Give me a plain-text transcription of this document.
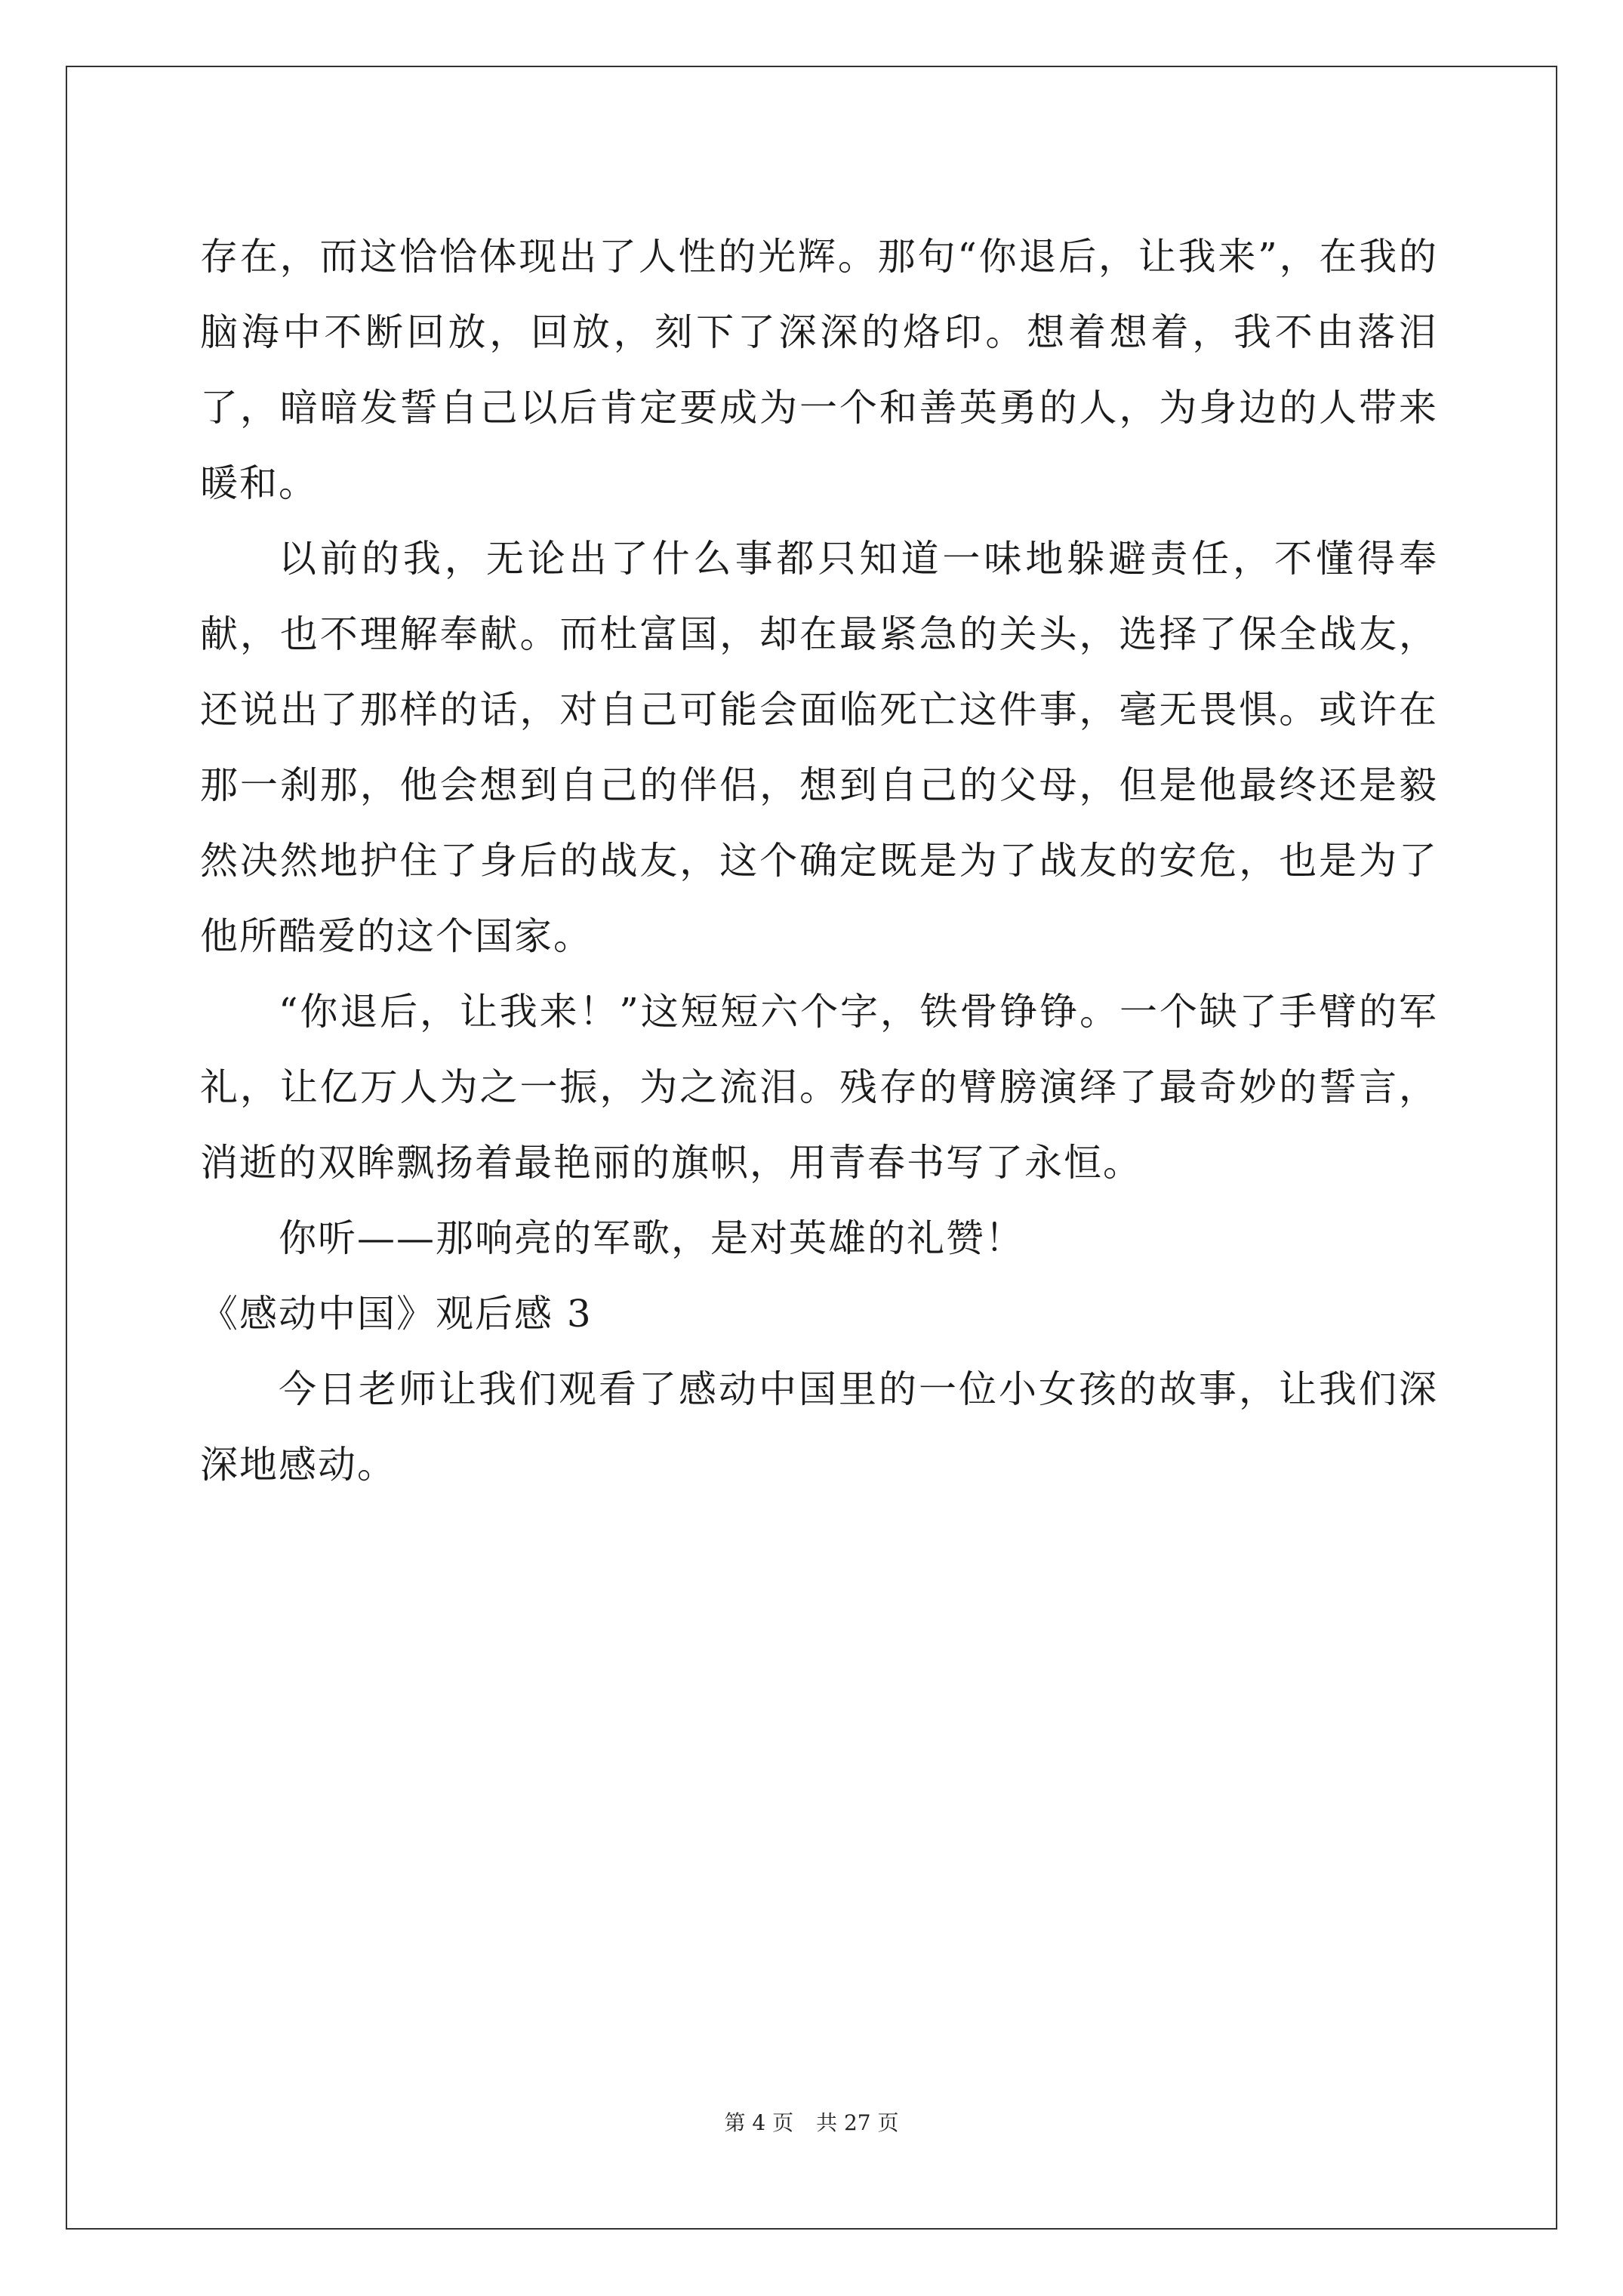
存在，而这恰恰体现出了人性的光辉。那句“你退后，让我来”，在我的脑海中不断回放，回放，刻下了深深的烙印。想着想着，我不由落泪了，暗暗发誓自己以后肯定要成为一个和善英勇的人，为身边的人带来暖和。

以前的我，无论出了什么事都只知道一味地躲避责任，不懂得奉献，也不理解奉献。而杜富国，却在最紧急的关头，选择了保全战友，还说出了那样的话，对自己可能会面临死亡这件事，毫无畏惧。或许在那一刹那，他会想到自己的伴侣，想到自己的父母，但是他最终还是毅然决然地护住了身后的战友，这个确定既是为了战友的安危，也是为了他所酷爱的这个国家。

“你退后，让我来！”这短短六个字，铁骨铮铮。一个缺了手臂的军礼，让亿万人为之一振，为之流泪。残存的臂膀演绎了最奇妙的誓言，消逝的双眸飘扬着最艳丽的旗帜，用青春书写了永恒。

你听——那响亮的军歌，是对英雄的礼赞！

《感动中国》观后感 3

今日老师让我们观看了感动中国里的一位小女孩的故事，让我们深深地感动。

第 4 页 共 27 页
